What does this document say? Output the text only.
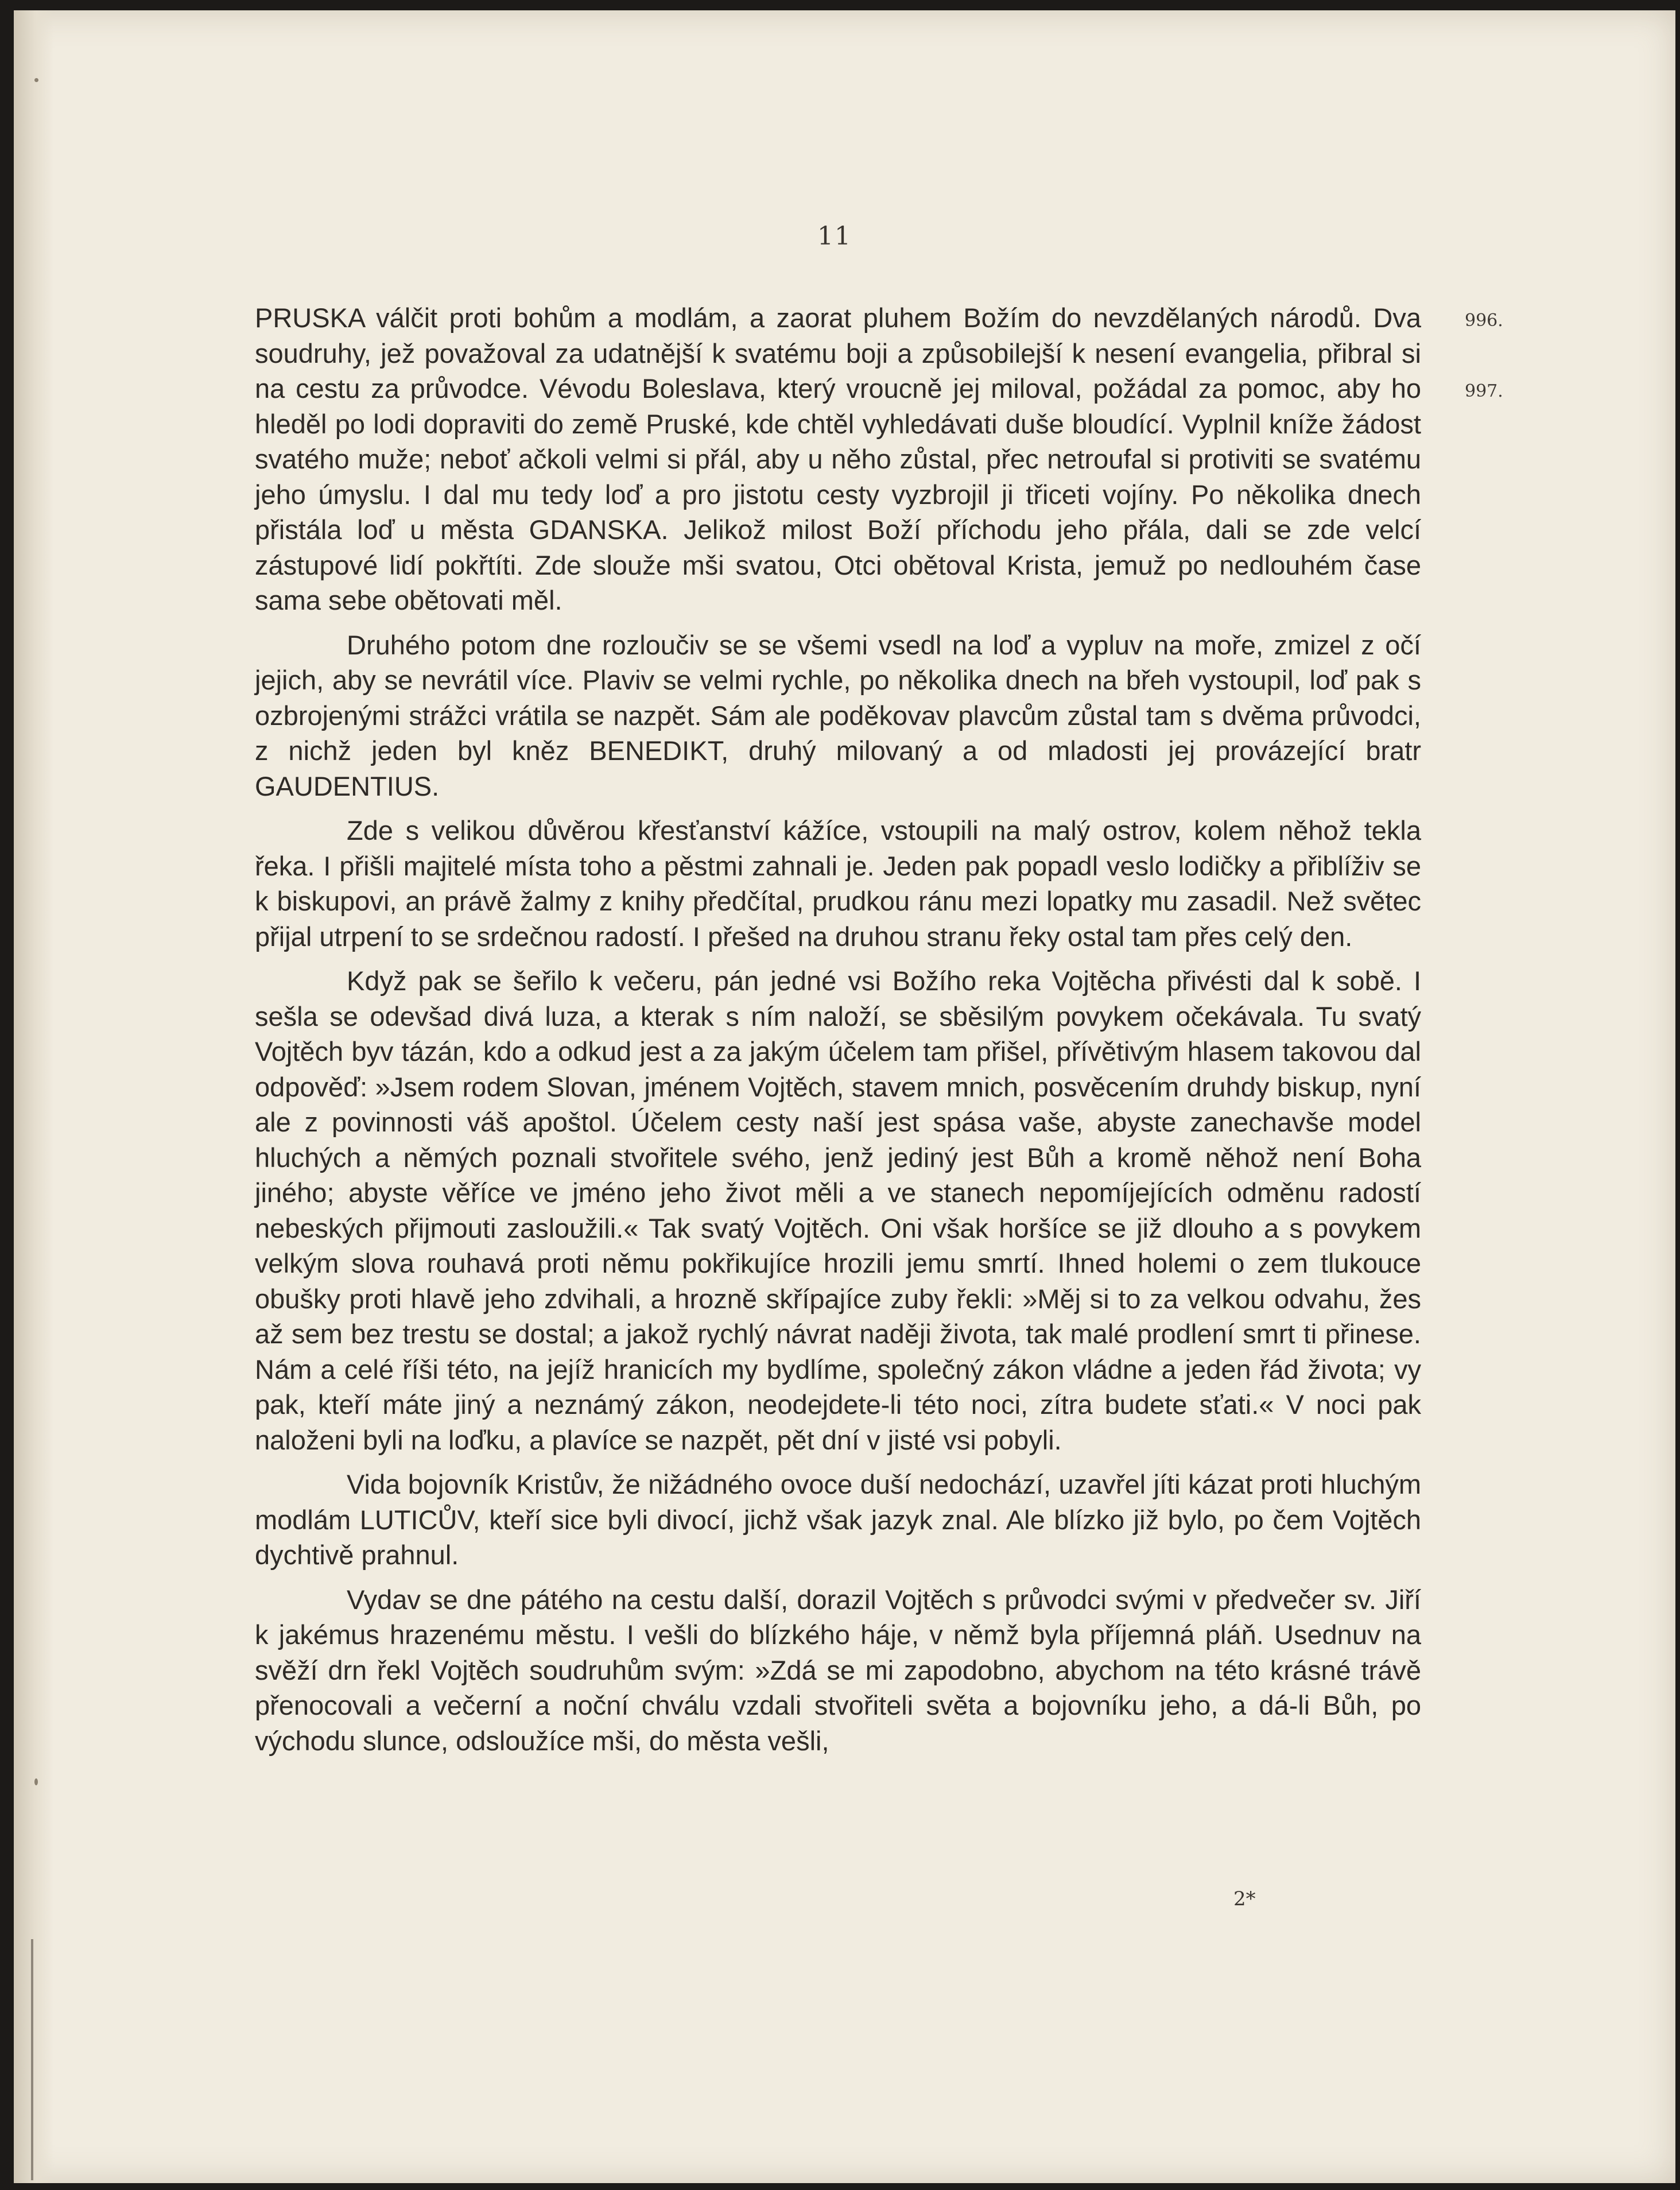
11
996.
997.

PRUSKA válčit proti bohům a modlám, a zaorat pluhem Božím do nevzdělaných národů. Dva soudruhy, jež považoval za udatnější k svatému boji a způsobilejší k nesení evangelia, přibral si na cestu za průvodce. Vévodu Boleslava, který vroucně jej miloval, požádal za pomoc, aby ho hleděl po lodi dopraviti do země Pruské, kde chtěl vyhledávati duše bloudící. Vyplnil kníže žádost svatého muže; neboť ačkoli velmi si přál, aby u něho zůstal, přec netroufal si protiviti se svatému jeho úmyslu. I dal mu tedy loď a pro jistotu cesty vyzbrojil ji třiceti vojíny. Po několika dnech přistála loď u města GDANSKA. Jelikož milost Boží příchodu jeho přála, dali se zde velcí zástupové lidí pokřtíti. Zde slouže mši svatou, Otci obětoval Krista, jemuž po nedlouhém čase sama sebe obětovati měl.

Druhého potom dne rozloučiv se se všemi vsedl na loď a vypluv na moře, zmizel z očí jejich, aby se nevrátil více. Plaviv se velmi rychle, po několika dnech na břeh vystoupil, loď pak s ozbrojenými strážci vrátila se nazpět. Sám ale poděkovav plavcům zůstal tam s dvěma průvodci, z nichž jeden byl kněz BENEDIKT, druhý milovaný a od mladosti jej provázející bratr GAUDENTIUS.

Zde s velikou důvěrou křesťanství kážíce, vstoupili na malý ostrov, kolem něhož tekla řeka. I přišli majitelé místa toho a pěstmi zahnali je. Jeden pak popadl veslo lodičky a přiblíživ se k biskupovi, an právě žalmy z knihy předčítal, prudkou ránu mezi lopatky mu zasadil. Než světec přijal utrpení to se srdečnou radostí. I přešed na druhou stranu řeky ostal tam přes celý den.

Když pak se šeřilo k večeru, pán jedné vsi Božího reka Vojtěcha přivésti dal k sobě. I sešla se odevšad divá luza, a kterak s ním naloží, se sběsilým povykem očekávala. Tu svatý Vojtěch byv tázán, kdo a odkud jest a za jakým účelem tam přišel, přívětivým hlasem takovou dal odpověď: »Jsem rodem Slovan, jménem Vojtěch, stavem mnich, posvěcením druhdy biskup, nyní ale z povinnosti váš apoštol. Účelem cesty naší jest spása vaše, abyste zanechavše model hluchých a němých poznali stvořitele svého, jenž jediný jest Bůh a kromě něhož není Boha jiného; abyste věříce ve jméno jeho život měli a ve stanech nepomíjejících odměnu radostí nebeských přijmouti zasloužili.« Tak svatý Vojtěch. Oni však horšíce se již dlouho a s povykem velkým slova rouhavá proti němu pokřikujíce hrozili jemu smrtí. Ihned holemi o zem tlukouce obušky proti hlavě jeho zdvihali, a hrozně skřípajíce zuby řekli: »Měj si to za velkou odvahu, žes až sem bez trestu se dostal; a jakož rychlý návrat naději života, tak malé prodlení smrt ti přinese. Nám a celé říši této, na jejíž hranicích my bydlíme, společný zákon vládne a jeden řád života; vy pak, kteří máte jiný a neznámý zákon, neodejdete-li této noci, zítra budete sťati.« V noci pak naloženi byli na loďku, a plavíce se nazpět, pět dní v jisté vsi pobyli.

Vida bojovník Kristův, že nižádného ovoce duší nedochází, uzavřel jíti kázat proti hluchým modlám LUTICŮV, kteří sice byli divocí, jichž však jazyk znal. Ale blízko již bylo, po čem Vojtěch dychtivě prahnul.

Vydav se dne pátého na cestu další, dorazil Vojtěch s průvodci svými v předvečer sv. Jiří k jakémus hrazenému městu. I vešli do blízkého háje, v němž byla příjemná pláň. Usednuv na svěží drn řekl Vojtěch soudruhům svým: »Zdá se mi zapodobno, abychom na této krásné trávě přenocovali a večerní a noční chválu vzdali stvořiteli světa a bojovníku jeho, a dá-li Bůh, po východu slunce, odsloužíce mši, do města vešli,

2*
